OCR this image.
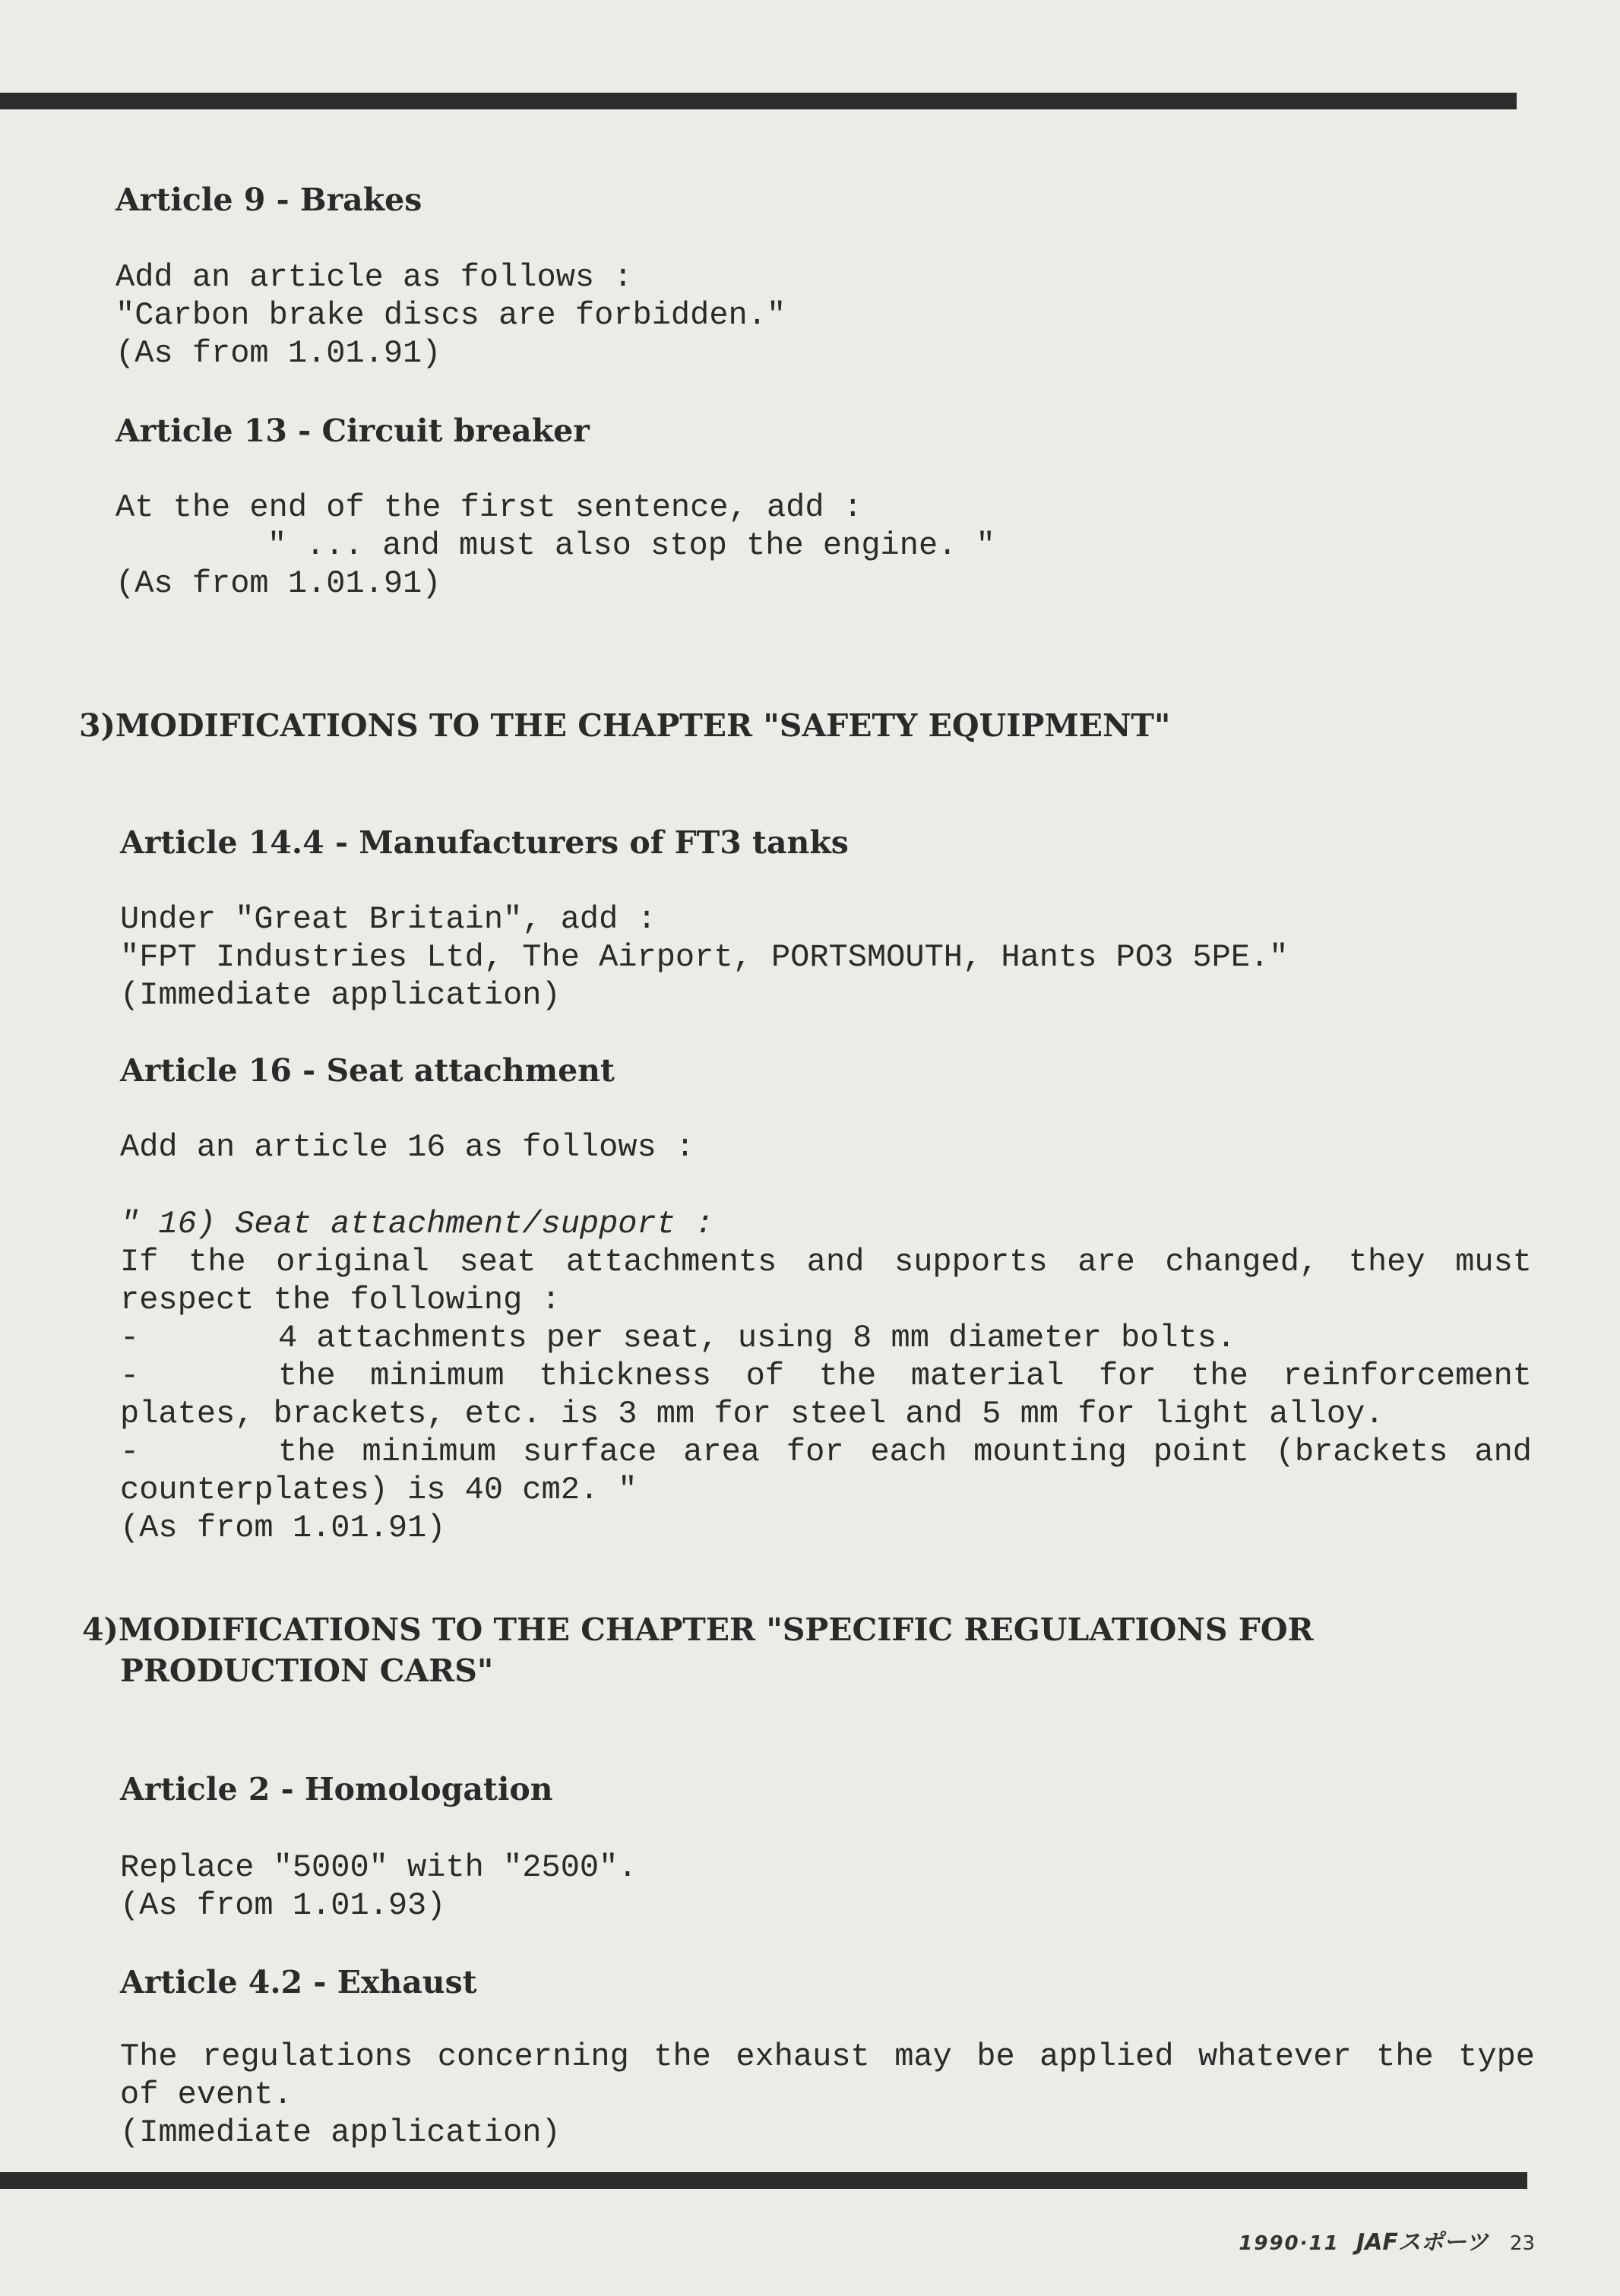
Article 9 - Brakes
Add an article as follows :
"Carbon brake discs are forbidden."
(As from 1.01.91)
Article 13 - Circuit breaker
At the end of the first sentence, add :
" ... and must also stop the engine. "
(As from 1.01.91)
3)MODIFICATIONS TO THE CHAPTER "SAFETY EQUIPMENT"
Article 14.4 - Manufacturers of FT3 tanks
Under "Great Britain", add :
"FPT Industries Ltd, The Airport, PORTSMOUTH, Hants PO3 5PE."
(Immediate application)
Article 16 - Seat attachment
Add an article 16 as follows :
" 16) Seat attachment/support :
If the original seat attachments and supports are changed, they must
respect the following :
-	4 attachments per seat, using 8 mm diameter bolts.
-	the minimum thickness of the material for the reinforcement
plates, brackets, etc. is 3 mm for steel and 5 mm for light alloy.
-	the minimum surface area for each mounting point (brackets and
counterplates) is 40 cm2. "
(As from 1.01.91)
4)MODIFICATIONS TO THE CHAPTER "SPECIFIC REGULATIONS FOR
PRODUCTION CARS"
Article 2 - Homologation
Replace "5000" with "2500".
(As from 1.01.93)
Article 4.2 - Exhaust
The regulations concerning the exhaust may be applied whatever the type
of event.
(Immediate application)
1990·11 JAFスポーツ 23
